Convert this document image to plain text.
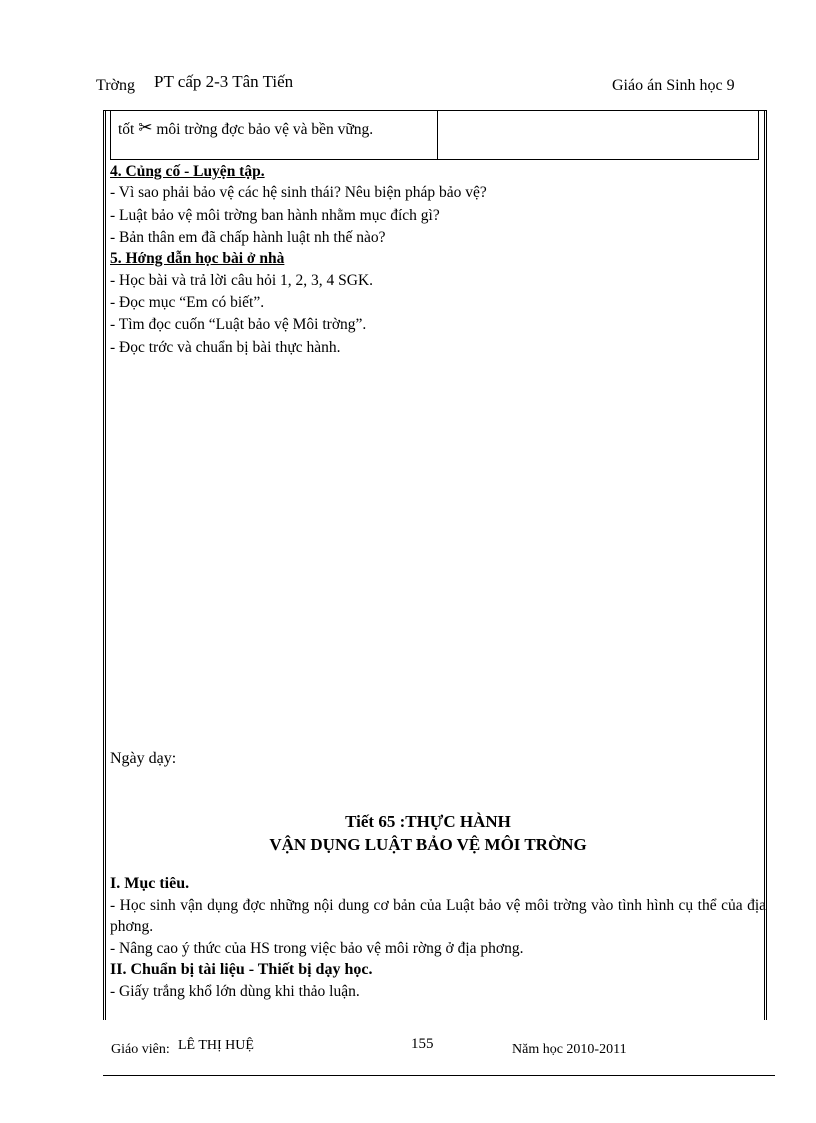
Trờng PT cấp 2-3 Tân Tiến	Giáo án Sinh học 9
tốt ✂ môi trờng đợc bảo vệ và bền vững.
4. Củng cố - Luyện tập.
- Vì sao phải bảo vệ các hệ sinh thái? Nêu biện pháp bảo vệ?
- Luật bảo vệ môi trờng ban hành nhằm mục đích gì?
- Bản thân em đã chấp hành luật nh thế nào?
5. Hớng dẫn học bài ở nhà
- Học bài và trả lời câu hỏi 1, 2, 3, 4 SGK.
- Đọc mục “Em có biết”.
- Tìm đọc cuốn “Luật bảo vệ Môi trờng”.
- Đọc trớc và chuẩn bị bài thực hành.
Ngày dạy:
Tiết 65 :THỰC HÀNH
VẬN DỤNG LUẬT BẢO VỆ MÔI TRỜNG
I. Mục tiêu.
- Học sinh vận dụng đợc những nội dung cơ bản của Luật bảo vệ môi trờng vào tình hình cụ thể của địa phơng.
- Nâng cao ý thức của HS trong việc bảo vệ môi rờng ở địa phơng.
II. Chuẩn bị tài liệu - Thiết bị dạy học.
- Giấy trắng khổ lớn dùng khi thảo luận.
Giáo viên: LÊ THỊ HUỆ	155	Năm học 2010-2011
